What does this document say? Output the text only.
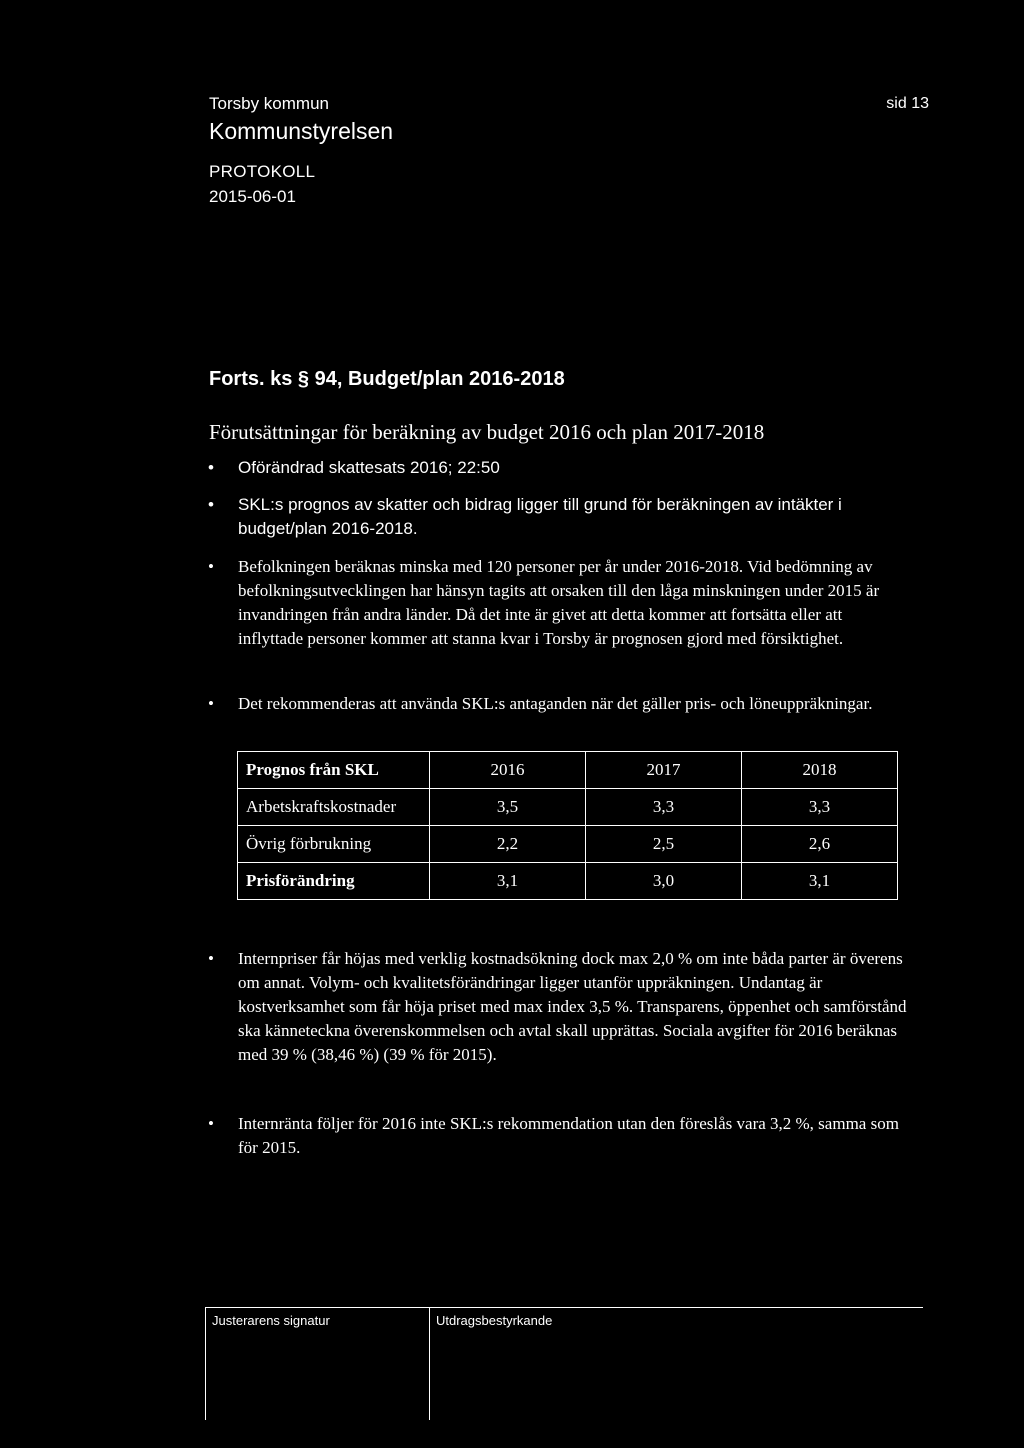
Torsby kommun
Kommunstyrelsen
PROTOKOLL
2015-06-01
sid 13
Forts. ks § 94, Budget/plan 2016-2018
Förutsättningar för beräkning av budget 2016 och plan 2017-2018
•	Oförändrad skattesats 2016; 22:50
•	SKL:s prognos av skatter och bidrag ligger till grund för beräkningen av intäkter i budget/plan 2016-2018.
•	Befolkningen beräknas minska med 120 personer per år under 2016-2018. Vid bedömning av befolkningsutvecklingen har hänsyn tagits att orsaken till den låga minskningen under 2015 är invandringen från andra länder. Då det inte är givet att detta kommer att fortsätta eller att inflyttade personer kommer att stanna kvar i Torsby är prognosen gjord med försiktighet.
•	Det rekommenderas att använda SKL:s antaganden när det gäller pris- och löneuppräkningar.
Prognos från SKL	2016	2017	2018
Arbetskraftskostnader	3,5	3,3	3,3
Övrig förbrukning	2,2	2,5	2,6
Prisförändring	3,1	3,0	3,1
•	Internpriser får höjas med verklig kostnadsökning dock max 2,0 % om inte båda parter är överens om annat. Volym- och kvalitetsförändringar ligger utanför uppräkningen. Undantag är kostverksamhet som får höja priset med max index 3,5 %. Transparens, öppenhet och samförstånd ska känneteckna överenskommelsen och avtal skall upprättas. Sociala avgifter för 2016 beräknas med 39 % (38,46 %) (39 % för 2015).
•	Internränta följer för 2016 inte SKL:s rekommendation utan den föreslås vara 3,2 %, samma som för 2015.
Justerarens signatur	Utdragsbestyrkande
